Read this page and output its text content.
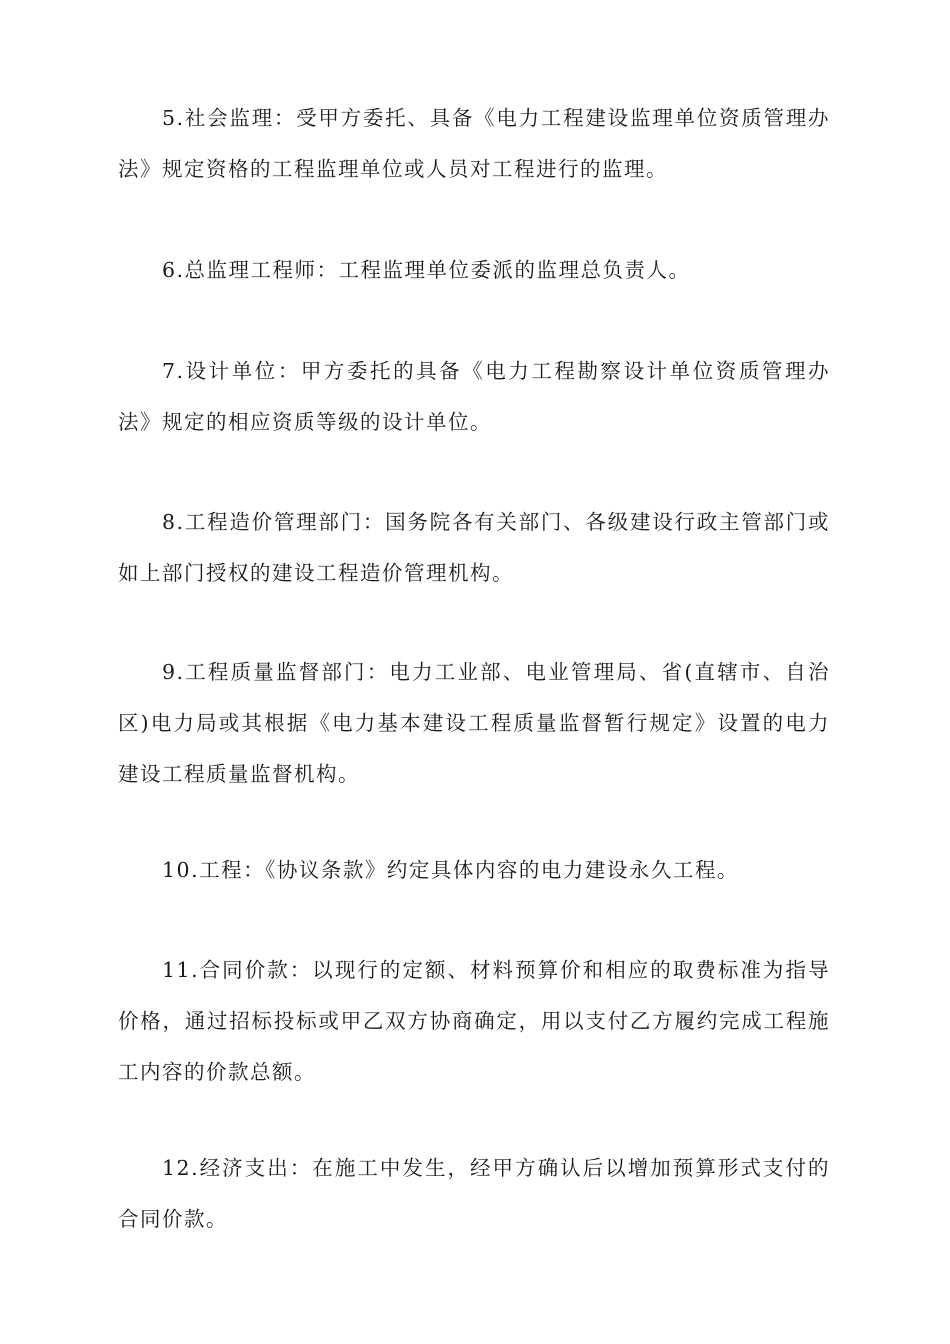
5.社会监理：受甲方委托、具备《电力工程建设监理单位资质管理办法》规定资格的工程监理单位或人员对工程进行的监理。

6.总监理工程师：工程监理单位委派的监理总负责人。

7.设计单位：甲方委托的具备《电力工程勘察设计单位资质管理办法》规定的相应资质等级的设计单位。

8.工程造价管理部门：国务院各有关部门、各级建设行政主管部门或如上部门授权的建设工程造价管理机构。

9.工程质量监督部门：电力工业部、电业管理局、省(直辖市、自治区)电力局或其根据《电力基本建设工程质量监督暂行规定》设置的电力建设工程质量监督机构。

10.工程：《协议条款》约定具体内容的电力建设永久工程。

11.合同价款：以现行的定额、材料预算价和相应的取费标准为指导价格，通过招标投标或甲乙双方协商确定，用以支付乙方履约完成工程施工内容的价款总额。

12.经济支出：在施工中发生，经甲方确认后以增加预算形式支付的合同价款。
